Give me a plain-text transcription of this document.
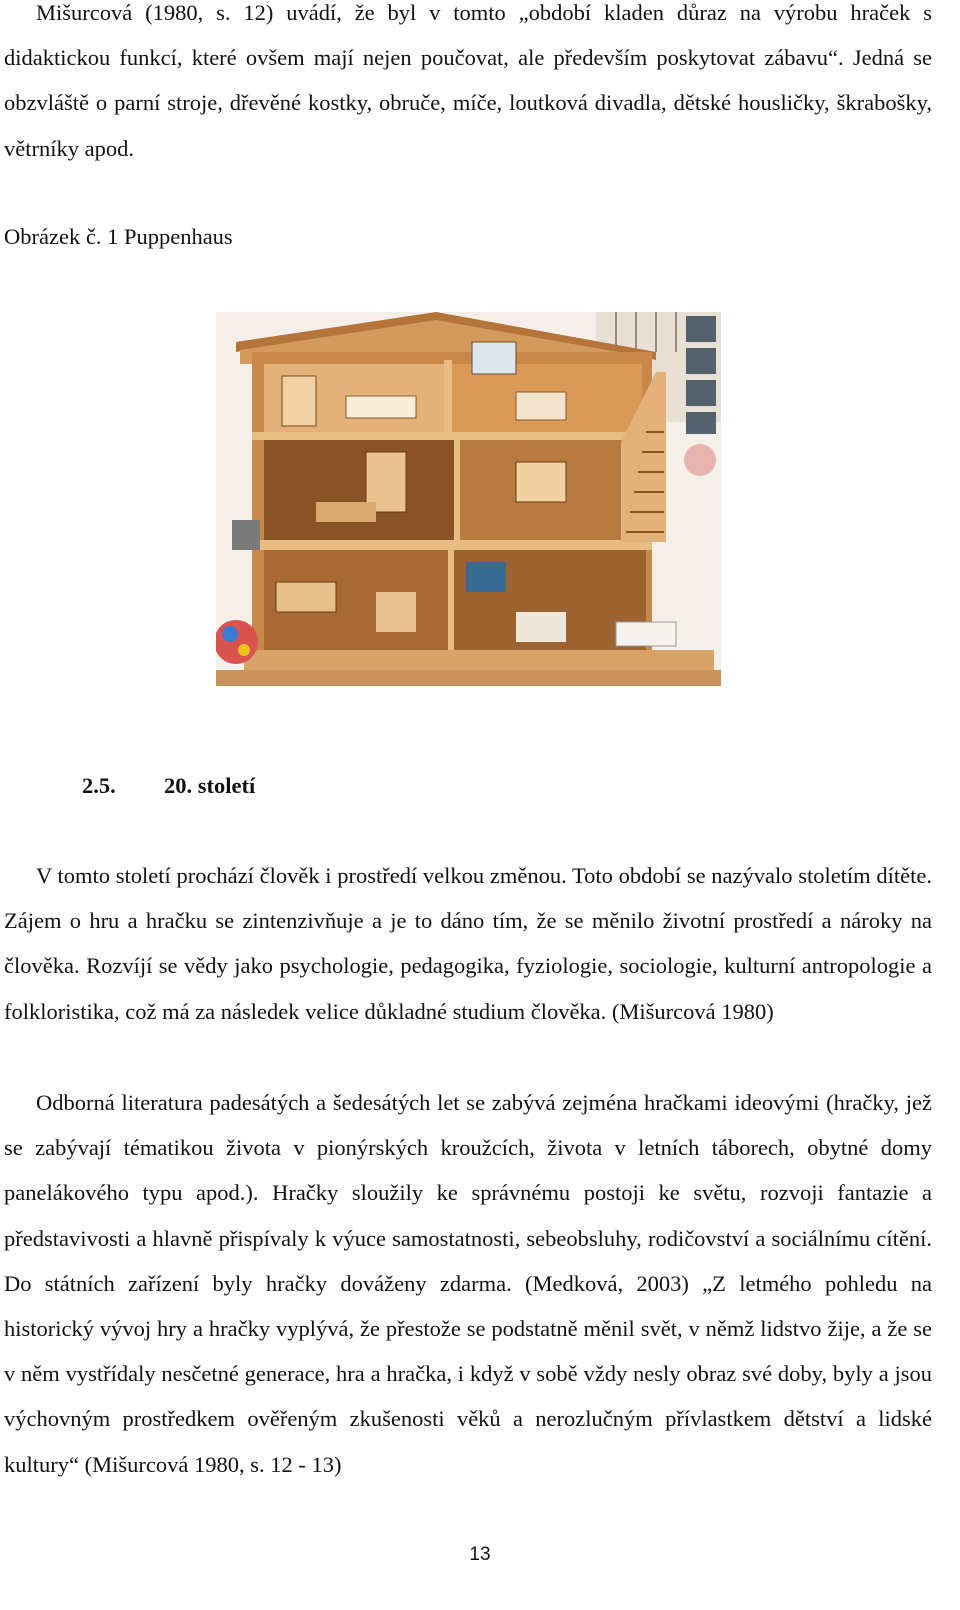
Mišurcová (1980, s. 12) uvádí, že byl v tomto „období kladen důraz na výrobu hraček s didaktickou funkcí, které ovšem mají nejen poučovat, ale především poskytovat zábavu“. Jedná se obzvláště o parní stroje, dřevěné kostky, obruče, míče, loutková divadla, dětské housličky, škrabošky, větrníky apod.

Obrázek č. 1 Puppenhaus

2.5. 20. století

V tomto století prochází člověk i prostředí velkou změnou. Toto období se nazývalo stoletím dítěte. Zájem o hru a hračku se zintenzivňuje a je to dáno tím, že se měnilo životní prostředí a nároky na člověka. Rozvíjí se vědy jako psychologie, pedagogika, fyziologie, sociologie, kulturní antropologie a folkloristika, což má za následek velice důkladné studium člověka. (Mišurcová 1980)

Odborná literatura padesátých a šedesátých let se zabývá zejména hračkami ideovými (hračky, jež se zabývají tématikou života v pionýrských kroužcích, života v letních táborech, obytné domy panelákového typu apod.). Hračky sloužily ke správnému postoji ke světu, rozvoji fantazie a představivosti a hlavně přispívaly k výuce samostatnosti, sebeobsluhy, rodičovství a sociálnímu cítění. Do státních zařízení byly hračky dováženy zdarma. (Medková, 2003) „Z letmého pohledu na historický vývoj hry a hračky vyplývá, že přestože se podstatně měnil svět, v němž lidstvo žije, a že se v něm vystřídaly nesčetné generace, hra a hračka, i když v sobě vždy nesly obraz své doby, byly a jsou výchovným prostředkem ověřeným zkušenosti věků a nerozlučným přívlastkem dětství a lidské kultury“ (Mišurcová 1980, s. 12 - 13)

13
